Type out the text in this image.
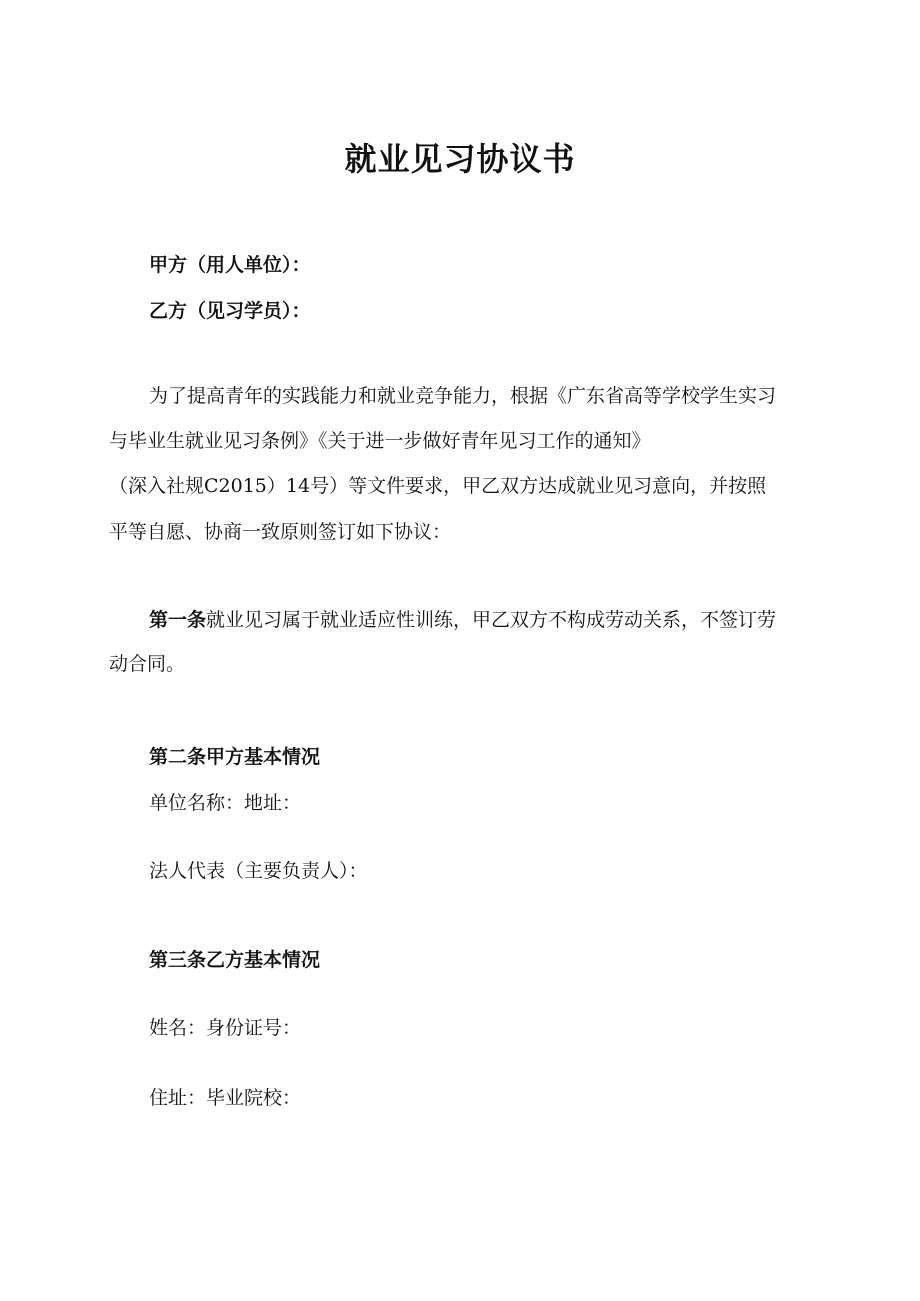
就业见习协议书
甲方（用人单位）：
乙方（见习学员）：
为了提高青年的实践能力和就业竞争能力，根据《广东省高等学校学生实习
与毕业生就业见习条例》《关于进一步做好青年见习工作的通知》
（深入社规C2015）14号）等文件要求，甲乙双方达成就业见习意向，并按照
平等自愿、协商一致原则签订如下协议：
第一条就业见习属于就业适应性训练，甲乙双方不构成劳动关系，不签订劳
动合同。
第二条甲方基本情况
单位名称：地址：
法人代表（主要负责人）：
第三条乙方基本情况
姓名：身份证号：
住址：毕业院校：
